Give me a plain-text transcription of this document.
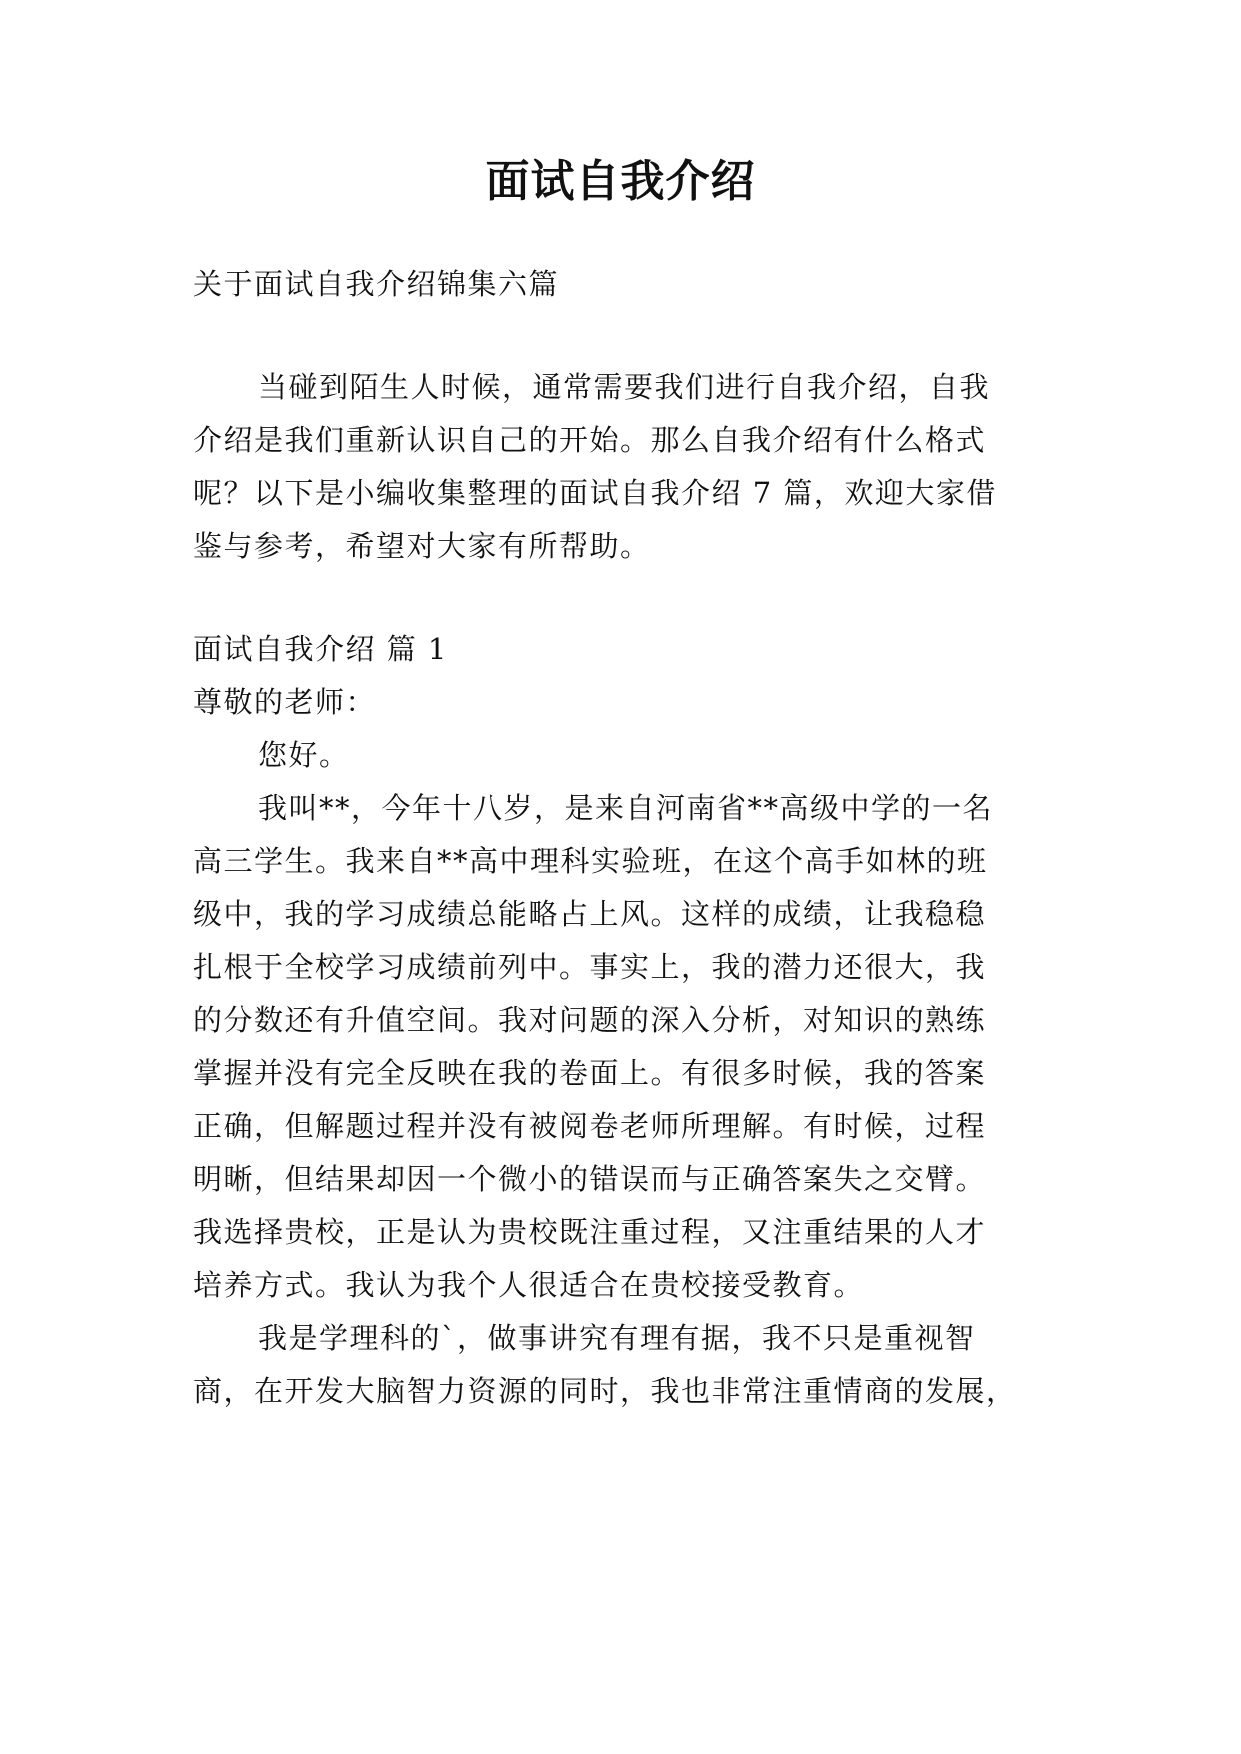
面试自我介绍
关于面试自我介绍锦集六篇
当碰到陌生人时候，通常需要我们进行自我介绍，自我
介绍是我们重新认识自己的开始。那么自我介绍有什么格式
呢？以下是小编收集整理的面试自我介绍 7 篇，欢迎大家借
鉴与参考，希望对大家有所帮助。
面试自我介绍 篇 1
尊敬的老师：
您好。
我叫**，今年十八岁，是来自河南省**高级中学的一名
高三学生。我来自**高中理科实验班，在这个高手如林的班
级中，我的学习成绩总能略占上风。这样的成绩，让我稳稳
扎根于全校学习成绩前列中。事实上，我的潜力还很大，我
的分数还有升值空间。我对问题的深入分析，对知识的熟练
掌握并没有完全反映在我的卷面上。有很多时候，我的答案
正确，但解题过程并没有被阅卷老师所理解。有时候，过程
明晰，但结果却因一个微小的错误而与正确答案失之交臂。
我选择贵校，正是认为贵校既注重过程，又注重结果的人才
培养方式。我认为我个人很适合在贵校接受教育。
我是学理科的`，做事讲究有理有据，我不只是重视智
商，在开发大脑智力资源的同时，我也非常注重情商的发展，
